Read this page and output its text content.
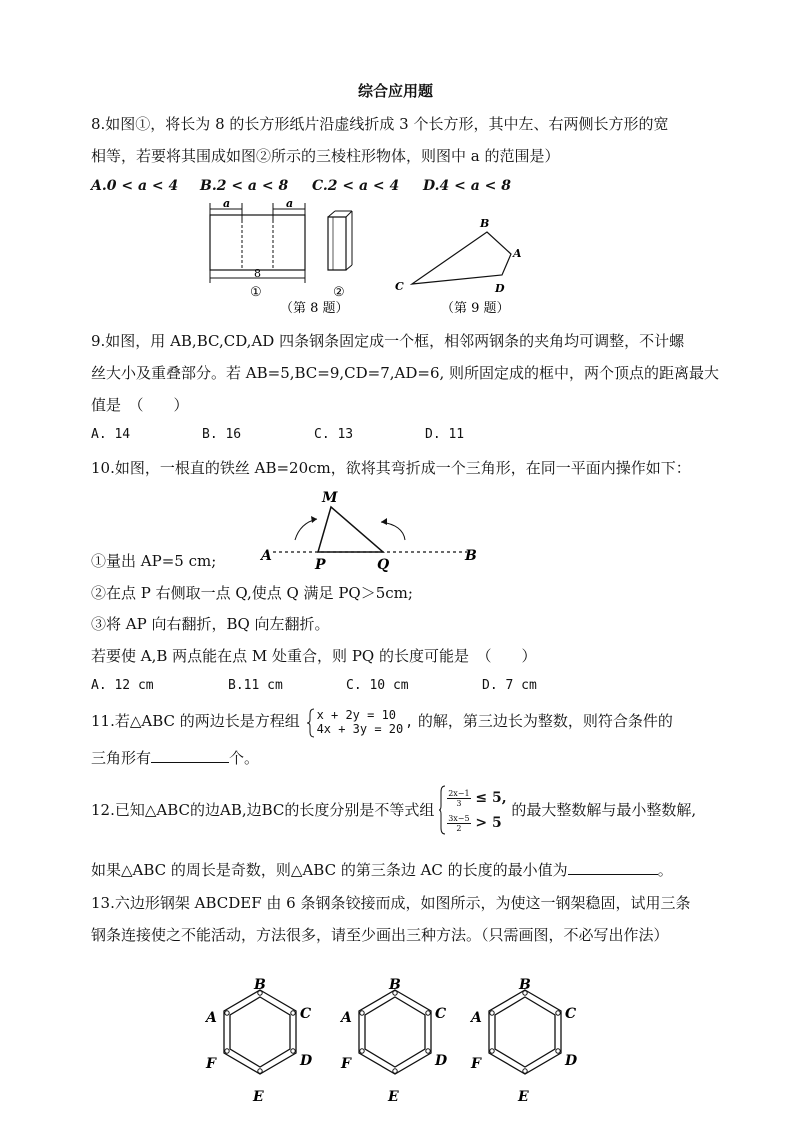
综合应用题
8.如图①，将长为 8 的长方形纸片沿虚线折成 3 个长方形，其中左、右两侧长方形的宽
相等，若要将其围成如图②所示的三棱柱形物体，则图中 a 的范围是）
A.0 < a < 4 B.2 < a < 8 C.2 < a < 4 D.4 < a < 8
a	a
8
①	②
（第 8 题）
B
A
C	D
（第 9 题）
9.如图，用 AB,BC,CD,AD 四条钢条固定成一个框，相邻两钢条的夹角均可调整，不计螺
丝大小及重叠部分。若 AB=5,BC=9,CD=7,AD=6, 则所固定成的框中，两个顶点的距离最大
值是　（　　）
A. 14	B. 16	C. 13	D. 11
10.如图，一根直的铁丝 AB=20cm，欲将其弯折成一个三角形，在同一平面内操作如下：
M
A
P	Q
B
①量出 AP=5 cm;
②在点 P 右侧取一点 Q,使点 Q 满足 PQ＞5cm;
③将 AP 向右翻折，BQ 向左翻折。
若要使 A,B 两点能在点 M 处重合，则 PQ 的长度可能是　（　　）
A. 12 cm	B.11 cm	C. 10 cm	D. 7 cm
11.若△ABC 的两边长是方程组 x + 2y = 10
4x + 3y = 20 , 的解，第三边长为整数，则符合条件的
三角形有	个。
12.已知△ABC的边AB,边BC的长度分别是不等式组
$\frac{2x-1}{3} \le 5$,
$\frac{3x-5}{2} > 5$
的最大整数解与最小整数解,
如果△ABC 的周长是奇数，则△ABC 的第三条边 AC 的长度的最小值为	。
13.六边形钢架 ABCDEF 由 6 条钢条铰接而成，如图所示，为使这一钢架稳固，试用三条
钢条连接使之不能活动，方法很多，请至少画出三种方法。（只需画图，不必写出作法）
B
C
D
E
F
A
B
C
D
E
F
A
B
C
D
E
F
A
